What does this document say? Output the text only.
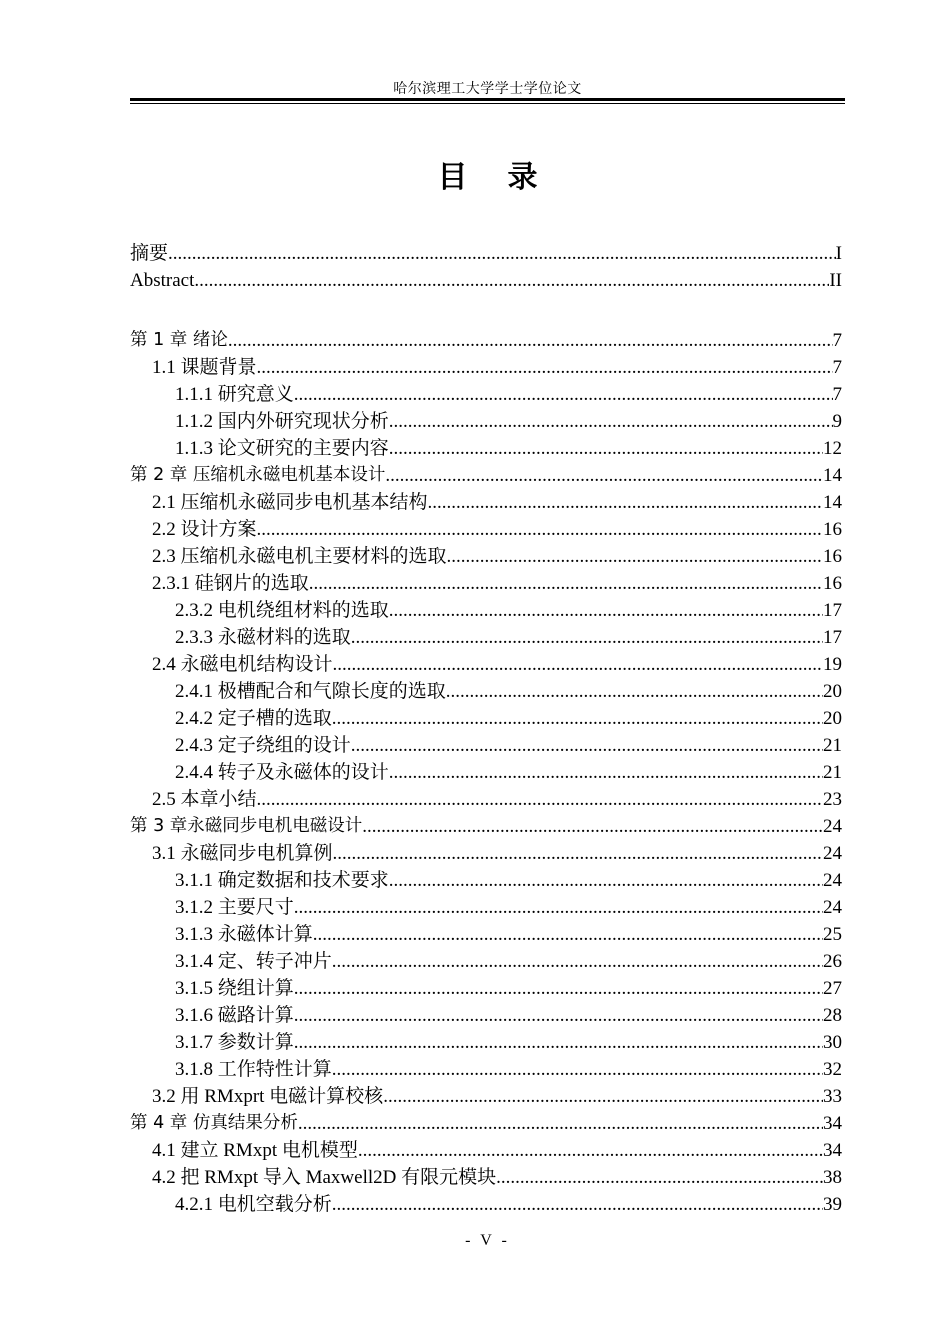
哈尔滨理工大学学士学位论文
目录
摘要 .....	I
Abstract .....	II
第 1 章 绪论 .....	7
1.1 课题背景 .....	7
1.1.1 研究意义 .....	7
1.1.2 国内外研究现状分析 .....	9
1.1.3 论文研究的主要内容 .....	12
第 2 章 压缩机永磁电机基本设计 .....	14
2.1 压缩机永磁同步电机基本结构 .....	14
2.2 设计方案 .....	16
2.3 压缩机永磁电机主要材料的选取 .....	16
2.3.1 硅钢片的选取 .....	16
2.3.2 电机绕组材料的选取 .....	17
2.3.3 永磁材料的选取 .....	17
2.4 永磁电机结构设计 .....	19
2.4.1 极槽配合和气隙长度的选取 .....	20
2.4.2 定子槽的选取 .....	20
2.4.3 定子绕组的设计 .....	21
2.4.4 转子及永磁体的设计 .....	21
2.5 本章小结 .....	23
第 3 章永磁同步电机电磁设计 .....	24
3.1 永磁同步电机算例 .....	24
3.1.1 确定数据和技术要求 .....	24
3.1.2 主要尺寸 .....	24
3.1.3 永磁体计算 .....	25
3.1.4 定、转子冲片 .....	26
3.1.5 绕组计算 .....	27
3.1.6 磁路计算 .....	28
3.1.7 参数计算 .....	30
3.1.8 工作特性计算 .....	32
3.2 用 RMxprt 电磁计算校核 .....	33
第 4 章 仿真结果分析 .....	34
4.1 建立 RMxpt 电机模型 .....	34
4.2 把 RMxpt 导入 Maxwell2D 有限元模块 .....	38
4.2.1 电机空载分析 .....	39
- V -
